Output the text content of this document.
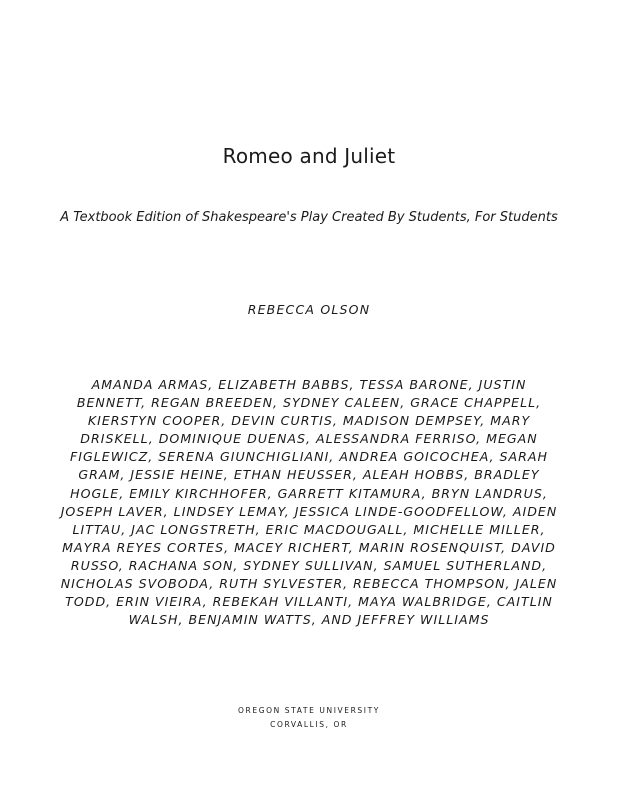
Romeo and Juliet

A Textbook Edition of Shakespeare's Play Created By Students, For Students

REBECCA OLSON

AMANDA ARMAS, ELIZABETH BABBS, TESSA BARONE, JUSTIN BENNETT, REGAN BREEDEN, SYDNEY CALEEN, GRACE CHAPPELL, KIERSTYN COOPER, DEVIN CURTIS, MADISON DEMPSEY, MARY DRISKELL, DOMINIQUE DUENAS, ALESSANDRA FERRISO, MEGAN FIGLEWICZ, SERENA GIUNCHIGLIANI, ANDREA GOICOCHEA, SARAH GRAM, JESSIE HEINE, ETHAN HEUSSER, ALEAH HOBBS, BRADLEY HOGLE, EMILY KIRCHHOFER, GARRETT KITAMURA, BRYN LANDRUS, JOSEPH LAVER, LINDSEY LEMAY, JESSICA LINDE-GOODFELLOW, AIDEN LITTAU, JAC LONGSTRETH, ERIC MACDOUGALL, MICHELLE MILLER, MAYRA REYES CORTES, MACEY RICHERT, MARIN ROSENQUIST, DAVID RUSSO, RACHANA SON, SYDNEY SULLIVAN, SAMUEL SUTHERLAND, NICHOLAS SVOBODA, RUTH SYLVESTER, REBECCA THOMPSON, JALEN TODD, ERIN VIEIRA, REBEKAH VILLANTI, MAYA WALBRIDGE, CAITLIN WALSH, BENJAMIN WATTS, AND JEFFREY WILLIAMS

OREGON STATE UNIVERSITY
CORVALLIS, OR
